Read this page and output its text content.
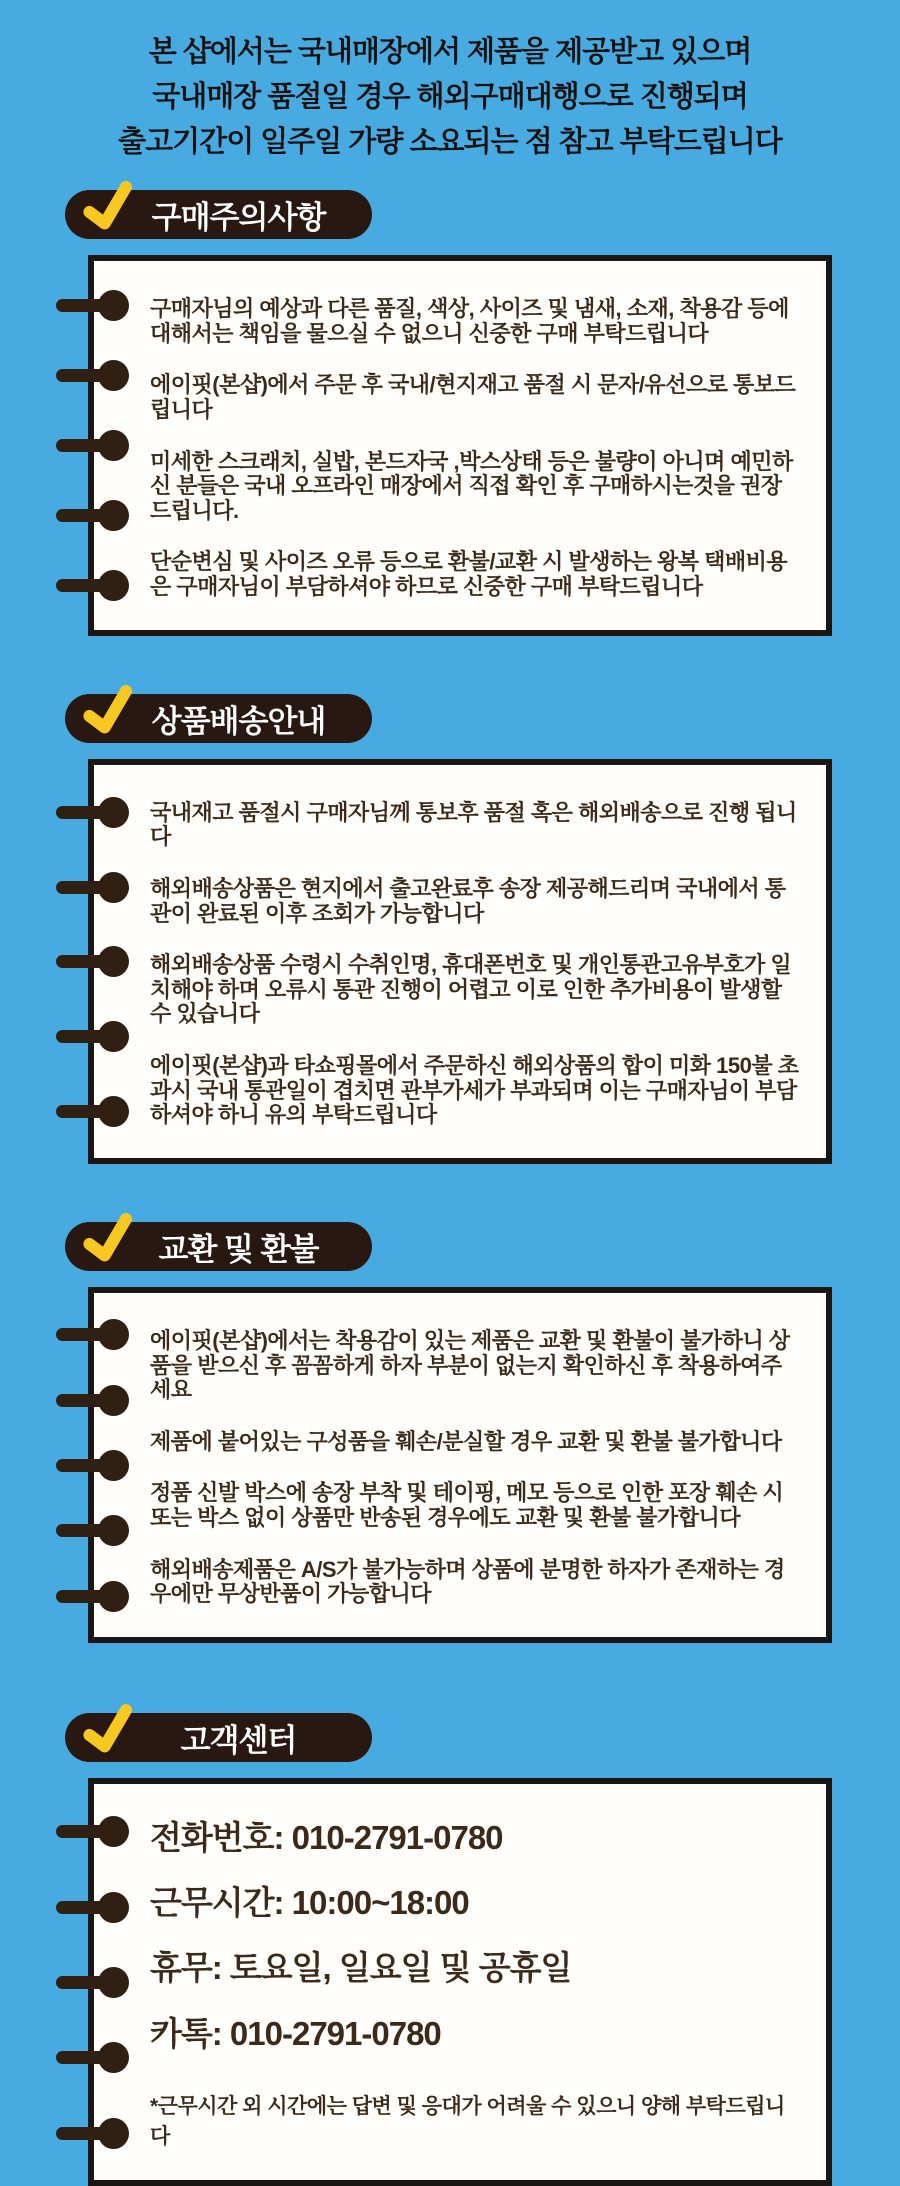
본 샵에서는 국내매장에서 제품을 제공받고 있으며

국내매장 품절일 경우 해외구매대행으로 진행되며

출고기간이 일주일 가량 소요되는 점 참고 부탁드립니다

구매주의사항

구매자님의 예상과 다른 품질, 색상, 사이즈 및 냄새, 소재, 착용감 등에 대해서는 책임을 물으실 수 없으니 신중한 구매 부탁드립니다

에이핏(본샵)에서 주문 후 국내/현지재고 품절 시 문자/유선으로 통보드립니다

미세한 스크래치, 실밥, 본드자국 ,박스상태 등은 불량이 아니며 예민하신 분들은 국내 오프라인 매장에서 직접 확인 후 구매하시는것을 권장 드립니다.

단순변심 및 사이즈 오류 등으로 환불/교환 시 발생하는 왕복 택배비용은 구매자님이 부담하셔야 하므로 신중한 구매 부탁드립니다

상품배송안내

국내재고 품절시 구매자님께 통보후 품절 혹은 해외배송으로 진행 됩니다

해외배송상품은 현지에서 출고완료후 송장 제공해드리며 국내에서 통관이 완료된 이후 조회가 가능합니다

해외배송상품 수령시 수취인명, 휴대폰번호 및 개인통관고유부호가 일치해야 하며 오류시 통관 진행이 어렵고 이로 인한 추가비용이 발생할 수 있습니다

에이핏(본샵)과 타쇼핑몰에서 주문하신 해외상품의 합이 미화 150불 초과시 국내 통관일이 겹치면 관부가세가 부과되며 이는 구매자님이 부담하셔야 하니 유의 부탁드립니다

교환 및 환불

에이핏(본샵)에서는 착용감이 있는 제품은 교환 및 환불이 불가하니 상품을 받으신 후 꼼꼼하게 하자 부분이 없는지 확인하신 후 착용하여주세요

제품에 붙어있는 구성품을 훼손/분실할 경우 교환 및 환불 불가합니다

정품 신발 박스에 송장 부착 및 테이핑, 메모 등으로 인한 포장 훼손 시 또는 박스 없이 상품만 반송된 경우에도 교환 및 환불 불가합니다

해외배송제품은 A/S가 불가능하며 상품에 분명한 하자가 존재하는 경우에만 무상반품이 가능합니다

고객센터

전화번호: 010-2791-0780

근무시간: 10:00~18:00

휴무: 토요일, 일요일 및 공휴일

카톡: 010-2791-0780

*근무시간 외 시간에는 답변 및 응대가 어려울 수 있으니 양해 부탁드립니다
